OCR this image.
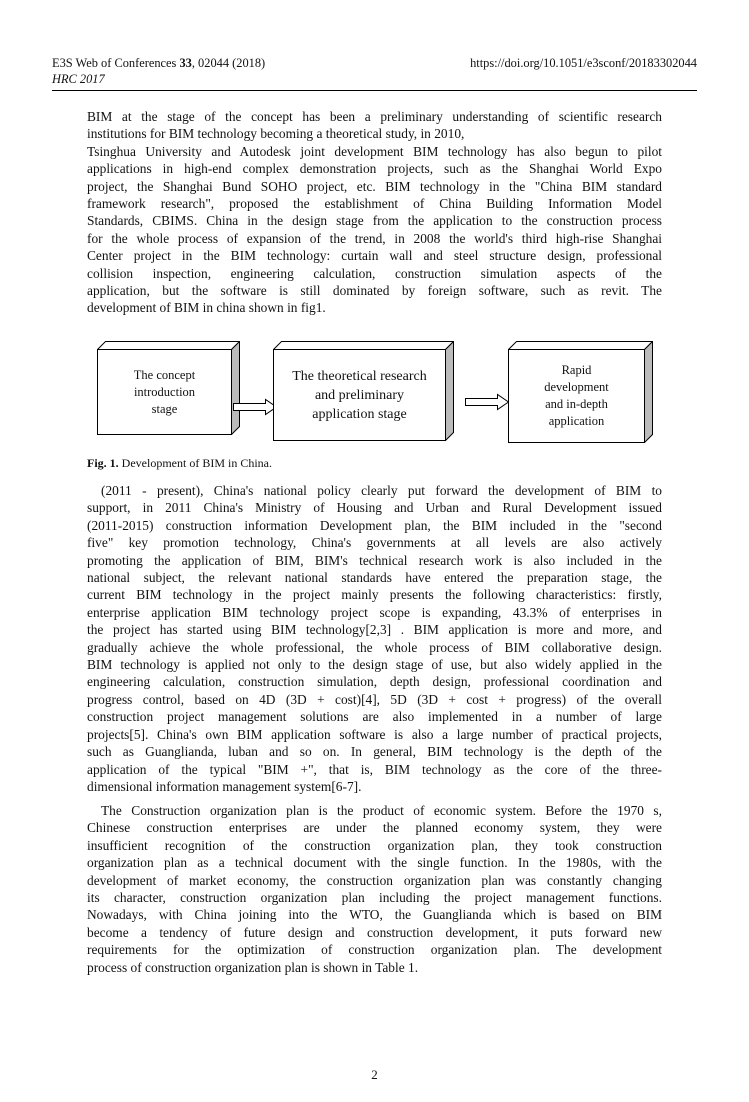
E3S Web of Conferences 33, 02044 (2018)
HRC 2017
https://doi.org/10.1051/e3sconf/20183302044
BIM at the stage of the concept has been a preliminary understanding of scientific research
institutions for BIM technology becoming a theoretical study, in 2010,
Tsinghua University and Autodesk joint development BIM technology has also begun to pilot
applications in high-end complex demonstration projects, such as the Shanghai World Expo
project, the Shanghai Bund SOHO project, etc. BIM technology in the "China BIM standard
framework research", proposed the establishment of China Building Information Model
Standards, CBIMS. China in the design stage from the application to the construction process
for the whole process of expansion of the trend, in 2008 the world's third high-rise Shanghai
Center project in the BIM technology: curtain wall and steel structure design, professional
collision inspection, engineering calculation, construction simulation aspects of the
application, but the software is still dominated by foreign software, such as revit. The
development of BIM in china shown in fig1.
The concept
introduction
stage
The theoretical research
and preliminary
application stage
Rapid
development
and in-depth
application
Fig. 1. Development of BIM in China.
(2011 - present), China's national policy clearly put forward the development of BIM to
support, in 2011 China's Ministry of Housing and Urban and Rural Development issued
(2011-2015) construction information Development plan, the BIM included in the "second
five" key promotion technology, China's governments at all levels are also actively
promoting the application of BIM, BIM's technical research work is also included in the
national subject, the relevant national standards have entered the preparation stage, the
current BIM technology in the project mainly presents the following characteristics: firstly,
enterprise application BIM technology project scope is expanding, 43.3% of enterprises in
the project has started using BIM technology[2,3] . BIM application is more and more, and
gradually achieve the whole professional, the whole process of BIM collaborative design.
BIM technology is applied not only to the design stage of use, but also widely applied in the
engineering calculation, construction simulation, depth design, professional coordination and
progress control, based on 4D (3D + cost)[4], 5D (3D + cost + progress) of the overall
construction project management solutions are also implemented in a number of large
projects[5]. China's own BIM application software is also a large number of practical projects,
such as Guanglianda, luban and so on. In general, BIM technology is the depth of the
application of the typical "BIM +", that is, BIM technology as the core of the three-
dimensional information management system[6-7].
The Construction organization plan is the product of economic system. Before the 1970 s,
Chinese construction enterprises are under the planned economy system, they were
insufficient recognition of the construction organization plan, they took construction
organization plan as a technical document with the single function. In the 1980s, with the
development of market economy, the construction organization plan was constantly changing
its character, construction organization plan including the project management functions.
Nowadays, with China joining into the WTO, the Guanglianda which is based on BIM
become a tendency of future design and construction development, it puts forward new
requirements for the optimization of construction organization plan. The development
process of construction organization plan is shown in Table 1.
2
